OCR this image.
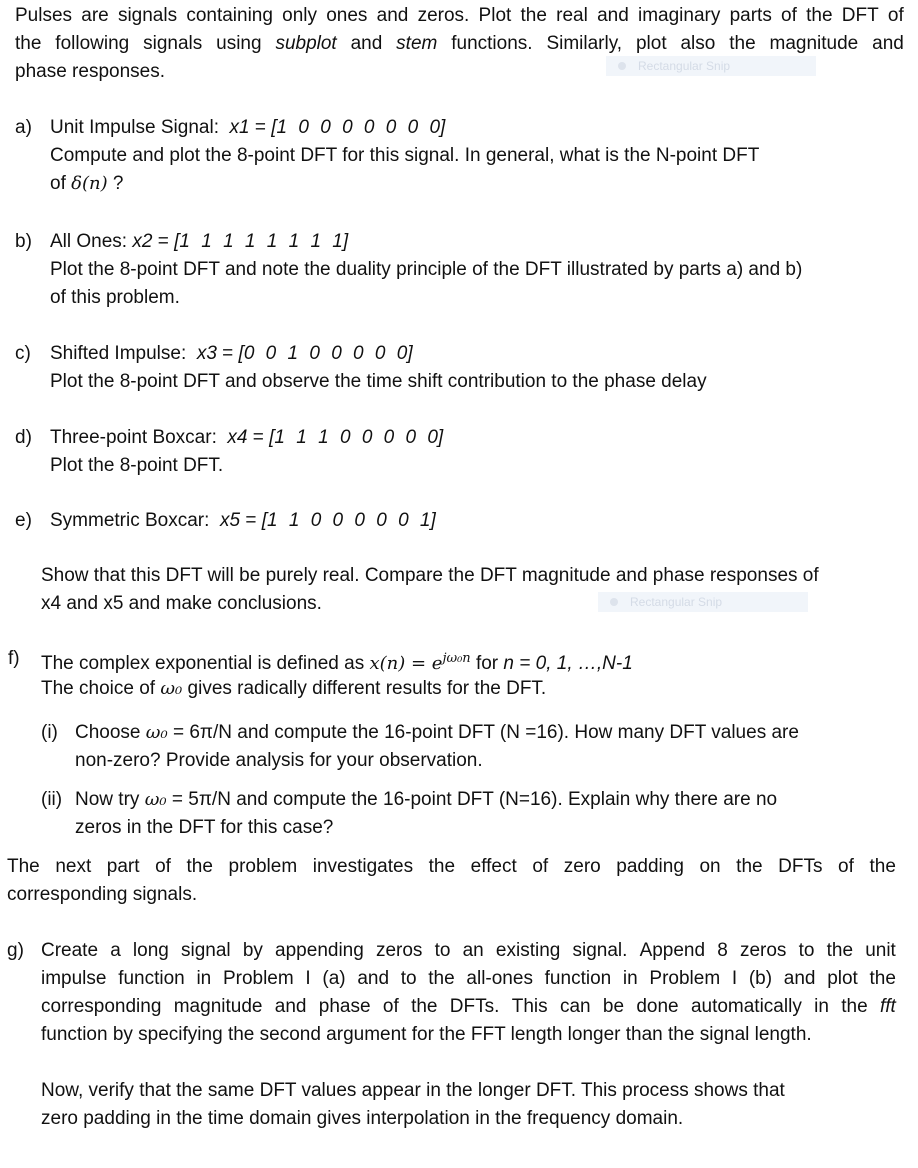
Pulses are signals containing only ones and zeros. Plot the real and imaginary parts of the DFT of
the following signals using subplot and stem functions. Similarly, plot also the magnitude and
phase responses.	Rectangular Snip
a) Unit Impulse Signal: x1 = [1 0 0 0 0 0 0 0]
Compute and plot the 8-point DFT for this signal. In general, what is the N-point DFT
of δ(n) ?
b) All Ones: x2 = [1 1 1 1 1 1 1 1]
Plot the 8-point DFT and note the duality principle of the DFT illustrated by parts a) and b)
of this problem.
c) Shifted Impulse: x3 = [0 0 1 0 0 0 0 0]
Plot the 8-point DFT and observe the time shift contribution to the phase delay
d) Three-point Boxcar: x4 = [1 1 1 0 0 0 0 0]
Plot the 8-point DFT.
e) Symmetric Boxcar: x5 = [1 1 0 0 0 0 0 1]
Show that this DFT will be purely real. Compare the DFT magnitude and phase responses of
x4 and x5 and make conclusions.	Rectangular Snip
f) The complex exponential is defined as $x(n) = e^{j\omega_0n}$ for n = 0, 1, …,N-1
The choice of ω₀ gives radically different results for the DFT.
(i) Choose ω₀ = 6π/N and compute the 16-point DFT (N =16). How many DFT values are
non-zero? Provide analysis for your observation.
(ii) Now try ω₀ = 5π/N and compute the 16-point DFT (N=16). Explain why there are no
zeros in the DFT for this case?
The next part of the problem investigates the effect of zero padding on the DFTs of the
corresponding signals.
g) Create a long signal by appending zeros to an existing signal. Append 8 zeros to the unit
impulse function in Problem I (a) and to the all-ones function in Problem I (b) and plot the
corresponding magnitude and phase of the DFTs. This can be done automatically in the fft
function by specifying the second argument for the FFT length longer than the signal length.
Now, verify that the same DFT values appear in the longer DFT. This process shows that
zero padding in the time domain gives interpolation in the frequency domain.
